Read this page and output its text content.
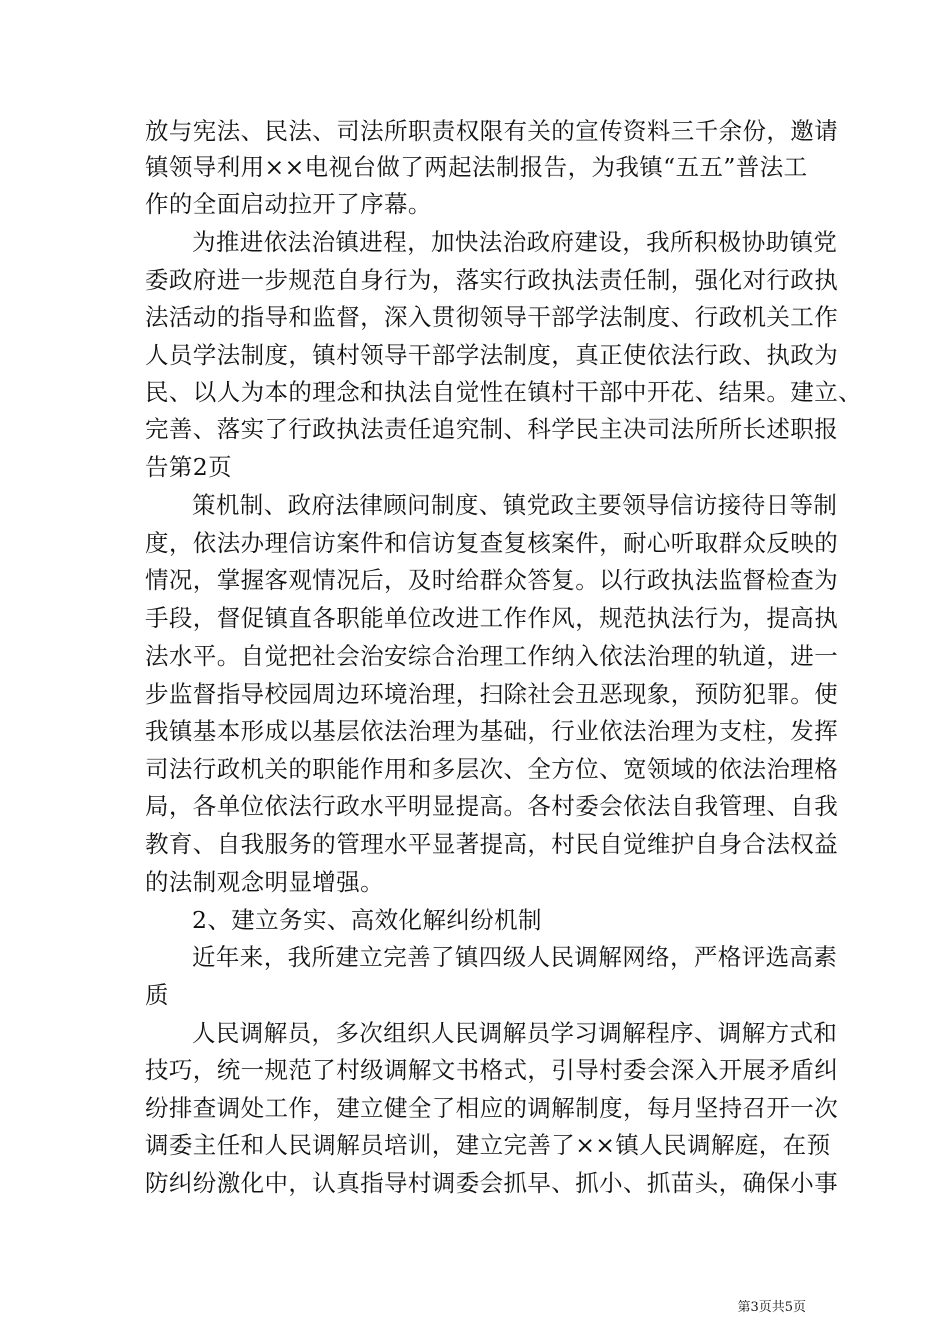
放与宪法、民法、司法所职责权限有关的宣传资料三千余份，邀请
镇领导利用××电视台做了两起法制报告，为我镇“五五”普法工
作的全面启动拉开了序幕。
为推进依法治镇进程，加快法治政府建设，我所积极协助镇党
委政府进一步规范自身行为，落实行政执法责任制，强化对行政执
法活动的指导和监督，深入贯彻领导干部学法制度、行政机关工作
人员学法制度，镇村领导干部学法制度，真正使依法行政、执政为
民、以人为本的理念和执法自觉性在镇村干部中开花、结果。建立、
完善、落实了行政执法责任追究制、科学民主决司法所所长述职报
告第2页
策机制、政府法律顾问制度、镇党政主要领导信访接待日等制
度，依法办理信访案件和信访复查复核案件，耐心听取群众反映的
情况，掌握客观情况后，及时给群众答复。以行政执法监督检查为
手段，督促镇直各职能单位改进工作作风，规范执法行为，提高执
法水平。自觉把社会治安综合治理工作纳入依法治理的轨道，进一
步监督指导校园周边环境治理，扫除社会丑恶现象，预防犯罪。使
我镇基本形成以基层依法治理为基础，行业依法治理为支柱，发挥
司法行政机关的职能作用和多层次、全方位、宽领域的依法治理格
局，各单位依法行政水平明显提高。各村委会依法自我管理、自我
教育、自我服务的管理水平显著提高，村民自觉维护自身合法权益
的法制观念明显增强。
2、建立务实、高效化解纠纷机制
近年来，我所建立完善了镇四级人民调解网络，严格评选高素
质
人民调解员，多次组织人民调解员学习调解程序、调解方式和
技巧，统一规范了村级调解文书格式，引导村委会深入开展矛盾纠
纷排查调处工作，建立健全了相应的调解制度，每月坚持召开一次
调委主任和人民调解员培训，建立完善了××镇人民调解庭，在预
防纠纷激化中，认真指导村调委会抓早、抓小、抓苗头，确保小事
第3页共5页
